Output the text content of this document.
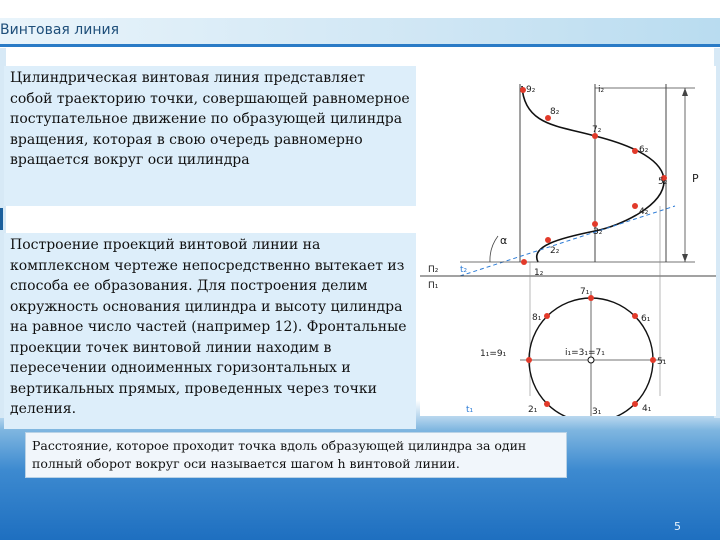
Винтовая линия
Цилиндрическая винтовая линия представляет собой траекторию точки, совершающей равномерное поступательное движение по образующей цилиндра вращения, которая в свою очередь равномерно вращается вокруг оси цилиндра
Построение проекций винтовой линии на комплексном чертеже непосредственно вытекает из способа ее образования. Для построения делим окружность основания цилиндра и высоту цилиндра на равное число частей (например 12). Фронтальные проекции точек винтовой линии находим в пересечении одноименных горизонтальных и вертикальных прямых, проведенных через точки деления.
Расстояние, которое проходит точка вдоль образующей цилиндра за один полный оборот вокруг оси называется шагом h винтовой линии.
9₂
8₂
7₂
6₂
5₂
4₂
3₂
2₂
1₂
i₂
P
α
t₂
П₂
П₁
7₁
8₁	6₁
1₁=9₁	i₁=3₁=7₁
5₁
2₁	4₁
3₁
t₁
i₁
5
